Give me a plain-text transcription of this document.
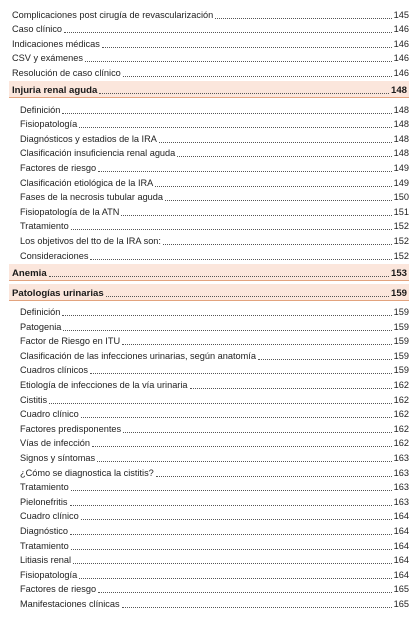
Complicaciones post cirugía de revascularización	145
Caso clínico	146
Indicaciones médicas	146
CSV y exámenes	146
Resolución de caso clínico	146
Injuria renal aguda	148
Definición	148
Fisiopatología	148
Diagnósticos y estadios de la IRA	148
Clasificación insuficiencia renal aguda	148
Factores de riesgo	149
Clasificación etiológica de la IRA	149
Fases de la necrosis tubular aguda	150
Fisiopatología de la ATN	151
Tratamiento	152
Los objetivos del tto de la IRA son:	152
Consideraciones	152
Anemia	153
Patologías urinarias	159
Definición	159
Patogenia	159
Factor de Riesgo en ITU	159
Clasificación de las infecciones urinarias, según anatomía	159
Cuadros clínicos	159
Etiología de infecciones de la vía urinaria	162
Cistitis	162
Cuadro clínico	162
Factores predisponentes	162
Vías de infección	162
Signos y síntomas	163
¿Cómo se diagnostica la cistitis?	163
Tratamiento	163
Pielonefritis	163
Cuadro clínico	164
Diagnóstico	164
Tratamiento	164
Litiasis renal	164
Fisiopatología	164
Factores de riesgo	165
Manifestaciones clínicas	165
